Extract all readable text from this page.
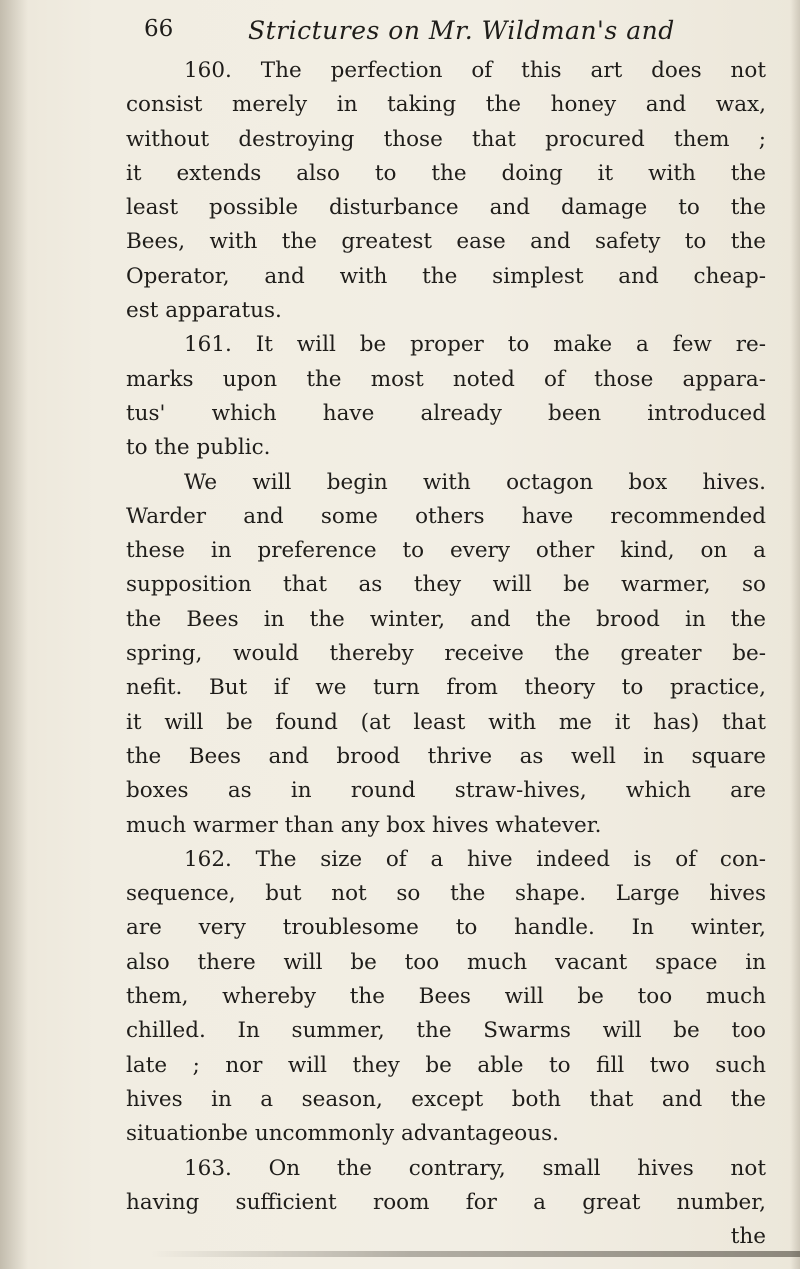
66	Strictures on Mr. Wildman's and
160. The perfection of this art does not
consist merely in taking the honey and wax,
without destroying those that procured them ;
it extends also to the doing it with the
least possible disturbance and damage to the
Bees, with the greatest ease and safety to the
Operator, and with the simplest and cheap-
est apparatus.
161. It will be proper to make a few re-
marks upon the most noted of those appara-
tus' which have already been introduced
to the public.
We will begin with octagon box hives.
Warder and some others have recommended
these in preference to every other kind, on a
supposition that as they will be warmer, so
the Bees in the winter, and the brood in the
spring, would thereby receive the greater be-
nefit. But if we turn from theory to practice,
it will be found (at least with me it has) that
the Bees and brood thrive as well in square
boxes as in round straw-hives, which are
much warmer than any box hives whatever.
162. The size of a hive indeed is of con-
sequence, but not so the shape. Large hives
are very troublesome to handle. In winter,
also there will be too much vacant space in
them, whereby the Bees will be too much
chilled. In summer, the Swarms will be too
late ; nor will they be able to fill two such
hives in a season, except both that and the
situationbe uncommonly advantageous.
163. On the contrary, small hives not
having sufficient room for a great number,
the
